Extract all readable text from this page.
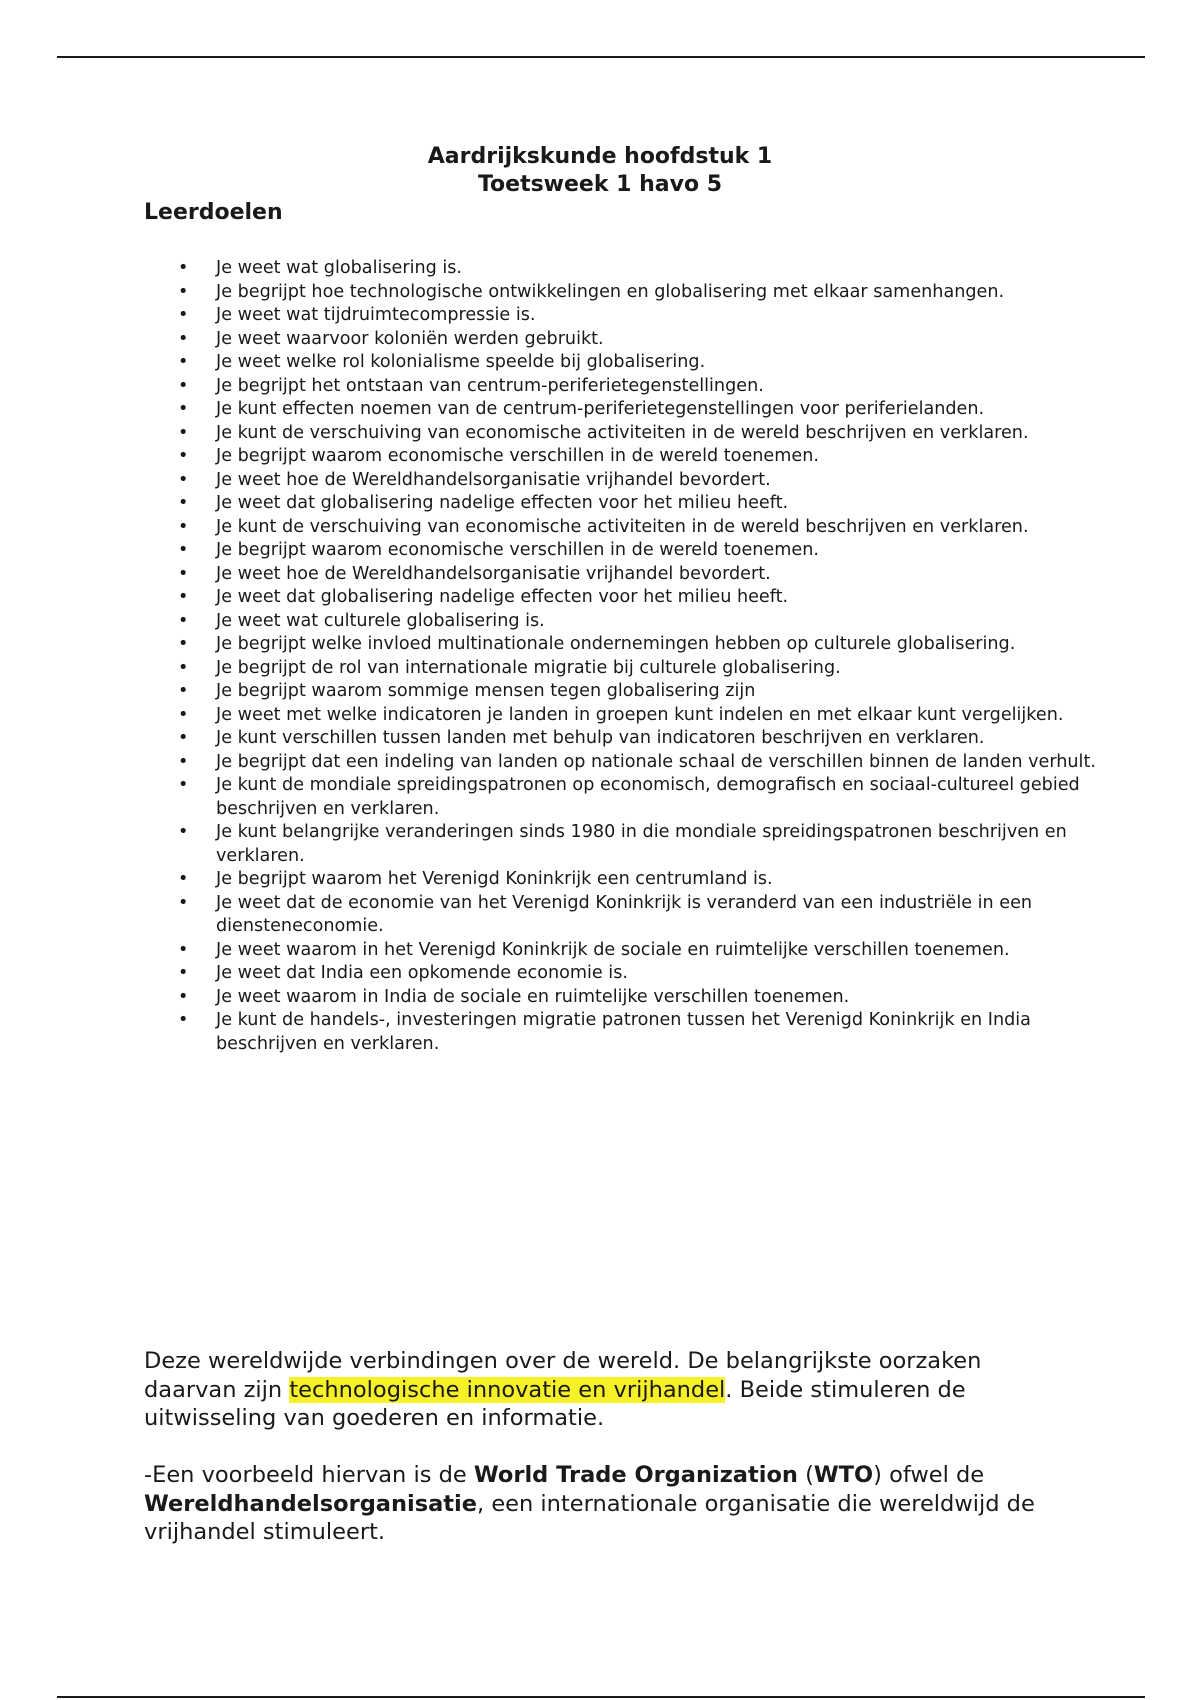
Aardrijkskunde hoofdstuk 1
Toetsweek 1 havo 5
Leerdoelen
• Je weet wat globalisering is.
• Je begrijpt hoe technologische ontwikkelingen en globalisering met elkaar samenhangen.
• Je weet wat tijdruimtecompressie is.
• Je weet waarvoor koloniën werden gebruikt.
• Je weet welke rol kolonialisme speelde bij globalisering.
• Je begrijpt het ontstaan van centrum-periferietegenstellingen.
• Je kunt effecten noemen van de centrum-periferietegenstellingen voor periferielanden.
• Je kunt de verschuiving van economische activiteiten in de wereld beschrijven en verklaren.
• Je begrijpt waarom economische verschillen in de wereld toenemen.
• Je weet hoe de Wereldhandelsorganisatie vrijhandel bevordert.
• Je weet dat globalisering nadelige effecten voor het milieu heeft.
• Je kunt de verschuiving van economische activiteiten in de wereld beschrijven en verklaren.
• Je begrijpt waarom economische verschillen in de wereld toenemen.
• Je weet hoe de Wereldhandelsorganisatie vrijhandel bevordert.
• Je weet dat globalisering nadelige effecten voor het milieu heeft.
• Je weet wat culturele globalisering is.
• Je begrijpt welke invloed multinationale ondernemingen hebben op culturele globalisering.
• Je begrijpt de rol van internationale migratie bij culturele globalisering.
• Je begrijpt waarom sommige mensen tegen globalisering zijn
• Je weet met welke indicatoren je landen in groepen kunt indelen en met elkaar kunt vergelijken.
• Je kunt verschillen tussen landen met behulp van indicatoren beschrijven en verklaren.
• Je begrijpt dat een indeling van landen op nationale schaal de verschillen binnen de landen verhult.
• Je kunt de mondiale spreidingspatronen op economisch, demografisch en sociaal-cultureel gebied beschrijven en verklaren.
• Je kunt belangrijke veranderingen sinds 1980 in die mondiale spreidingspatronen beschrijven en verklaren.
• Je begrijpt waarom het Verenigd Koninkrijk een centrumland is.
• Je weet dat de economie van het Verenigd Koninkrijk is veranderd van een industriële in een diensteneconomie.
• Je weet waarom in het Verenigd Koninkrijk de sociale en ruimtelijke verschillen toenemen.
• Je weet dat India een opkomende economie is.
• Je weet waarom in India de sociale en ruimtelijke verschillen toenemen.
• Je kunt de handels-, investeringen migratie patronen tussen het Verenigd Koninkrijk en India beschrijven en verklaren.

Deze wereldwijde verbindingen over de wereld. De belangrijkste oorzaken daarvan zijn technologische innovatie en vrijhandel. Beide stimuleren de uitwisseling van goederen en informatie.

-Een voorbeeld hiervan is de World Trade Organization (WTO) ofwel de Wereldhandelsorganisatie, een internationale organisatie die wereldwijd de vrijhandel stimuleert.
